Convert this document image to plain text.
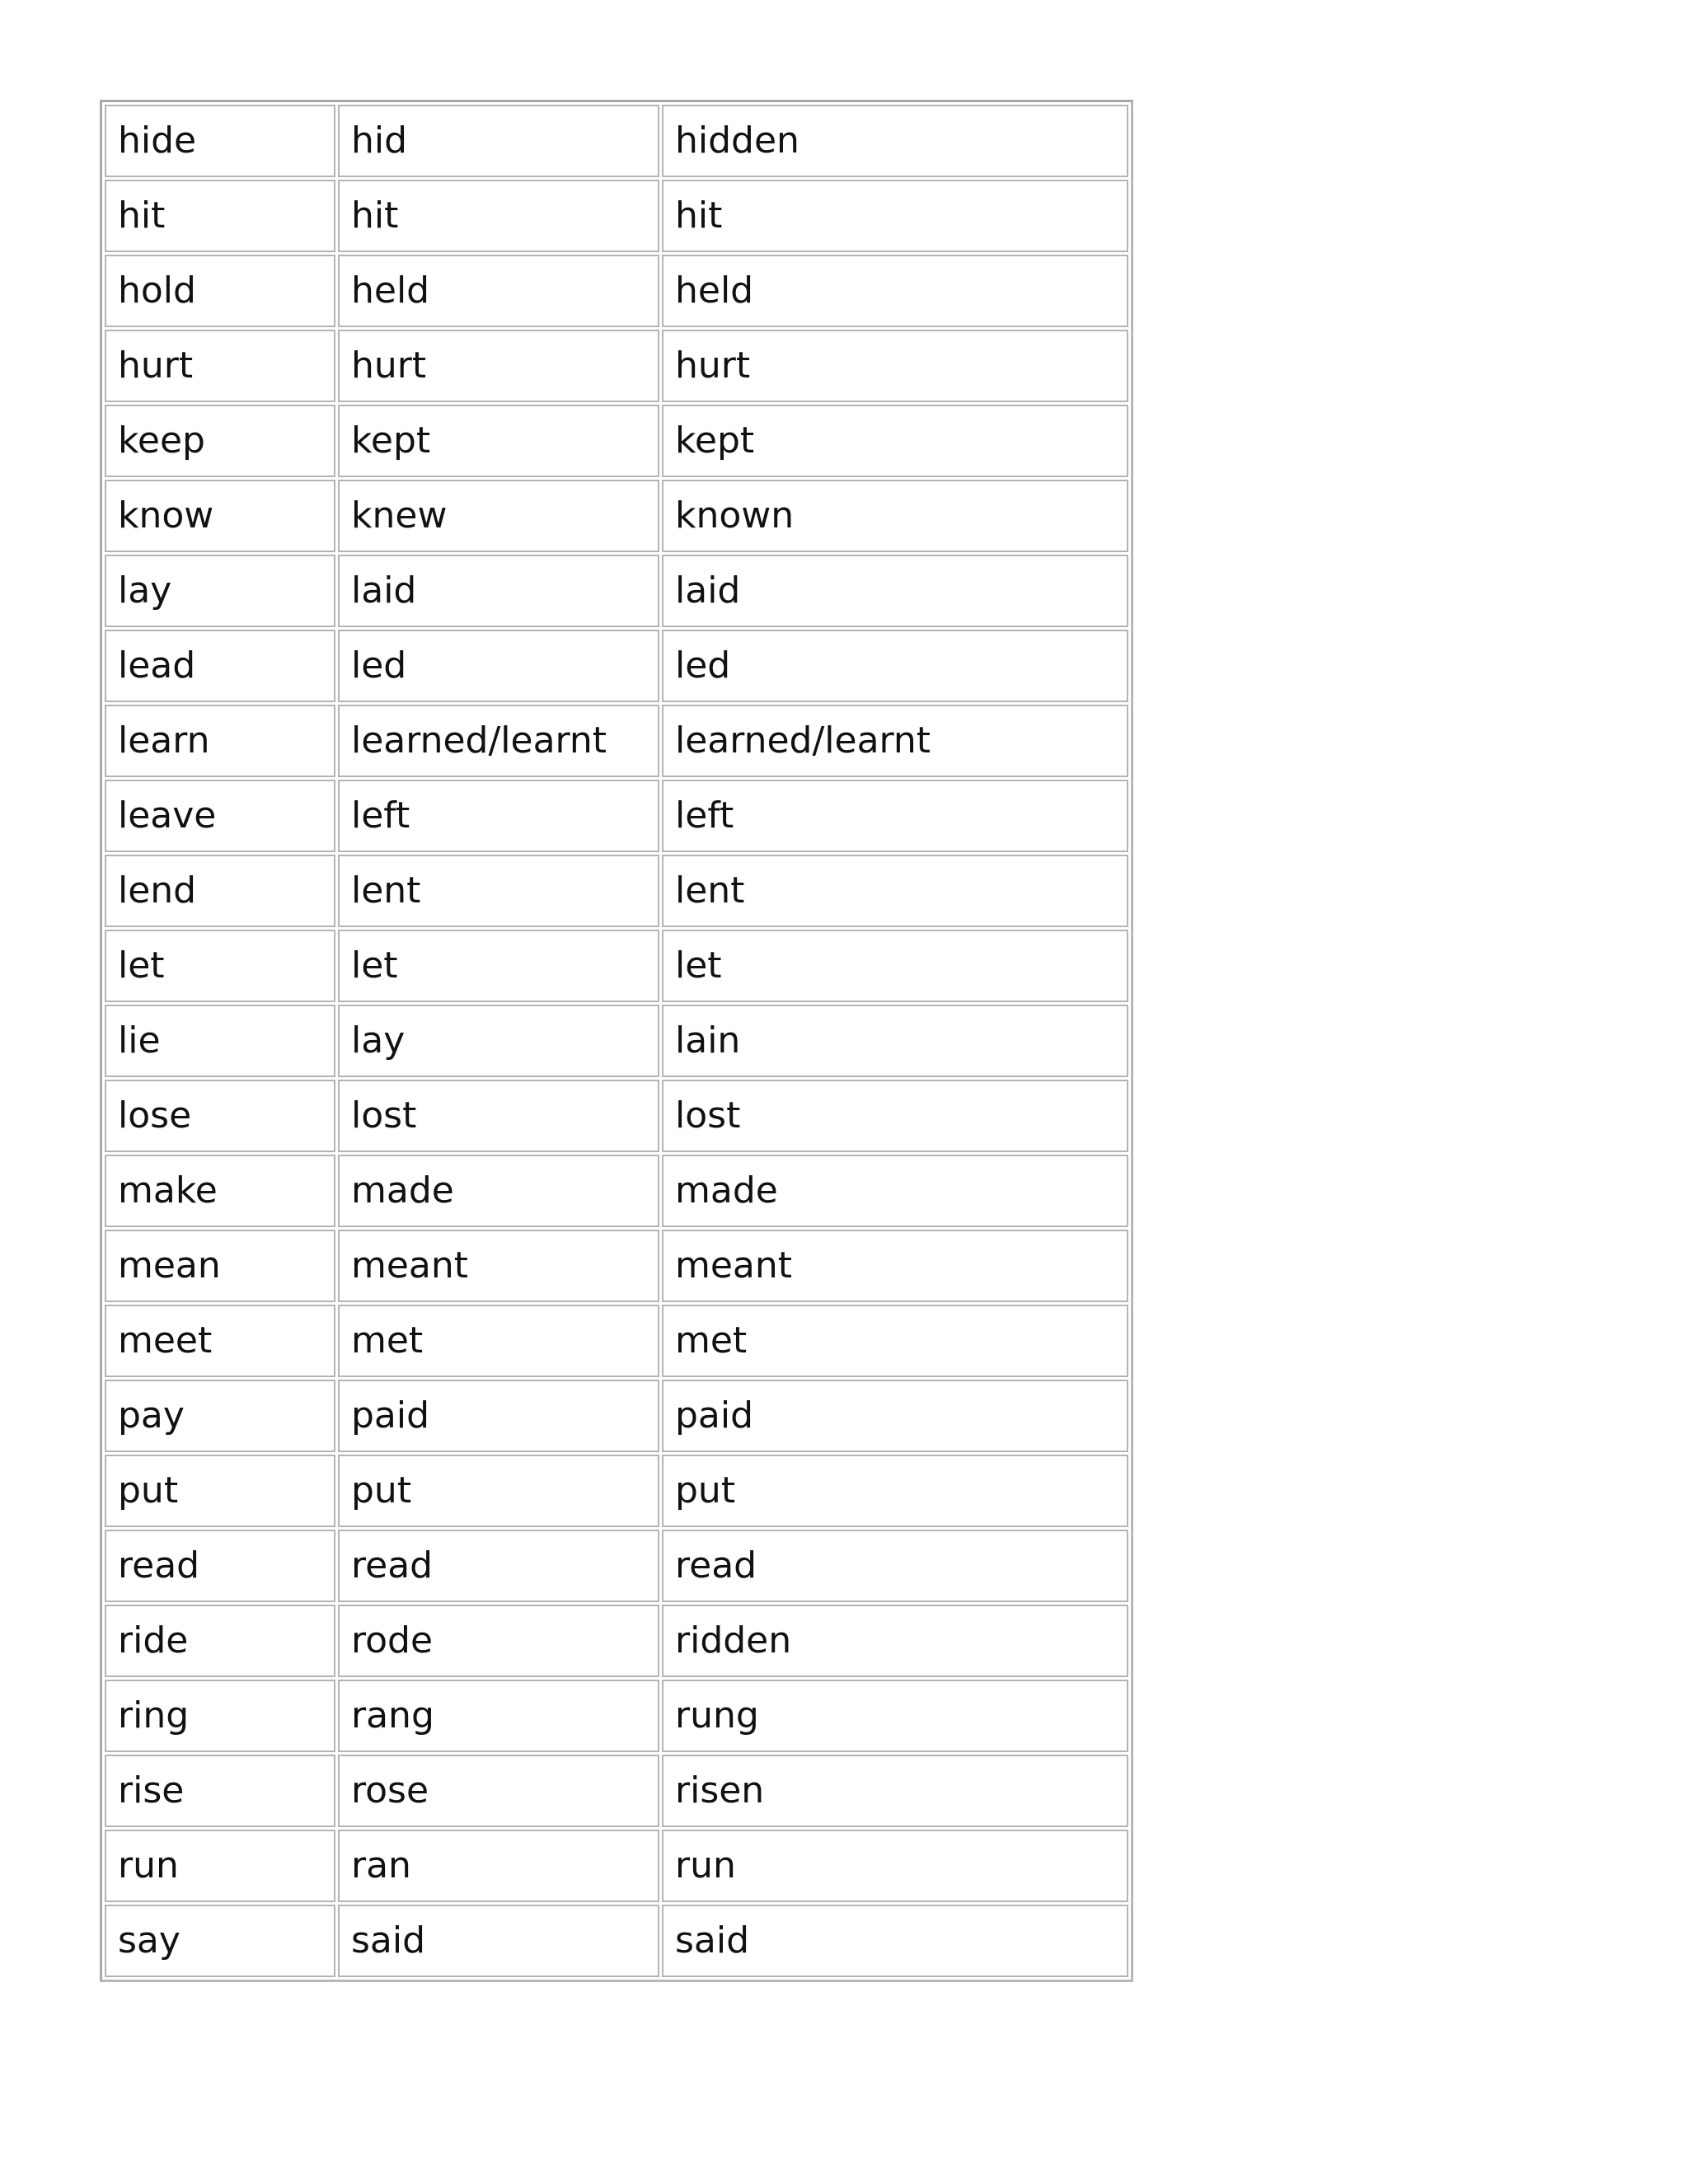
hide	hid	hidden
hit	hit	hit
hold	held	held
hurt	hurt	hurt
keep	kept	kept
know	knew	known
lay	laid	laid
lead	led	led
learn	learned/learnt	learned/learnt
leave	left	left
lend	lent	lent
let	let	let
lie	lay	lain
lose	lost	lost
make	made	made
mean	meant	meant
meet	met	met
pay	paid	paid
put	put	put
read	read	read
ride	rode	ridden
ring	rang	rung
rise	rose	risen
run	ran	run
say	said	said
